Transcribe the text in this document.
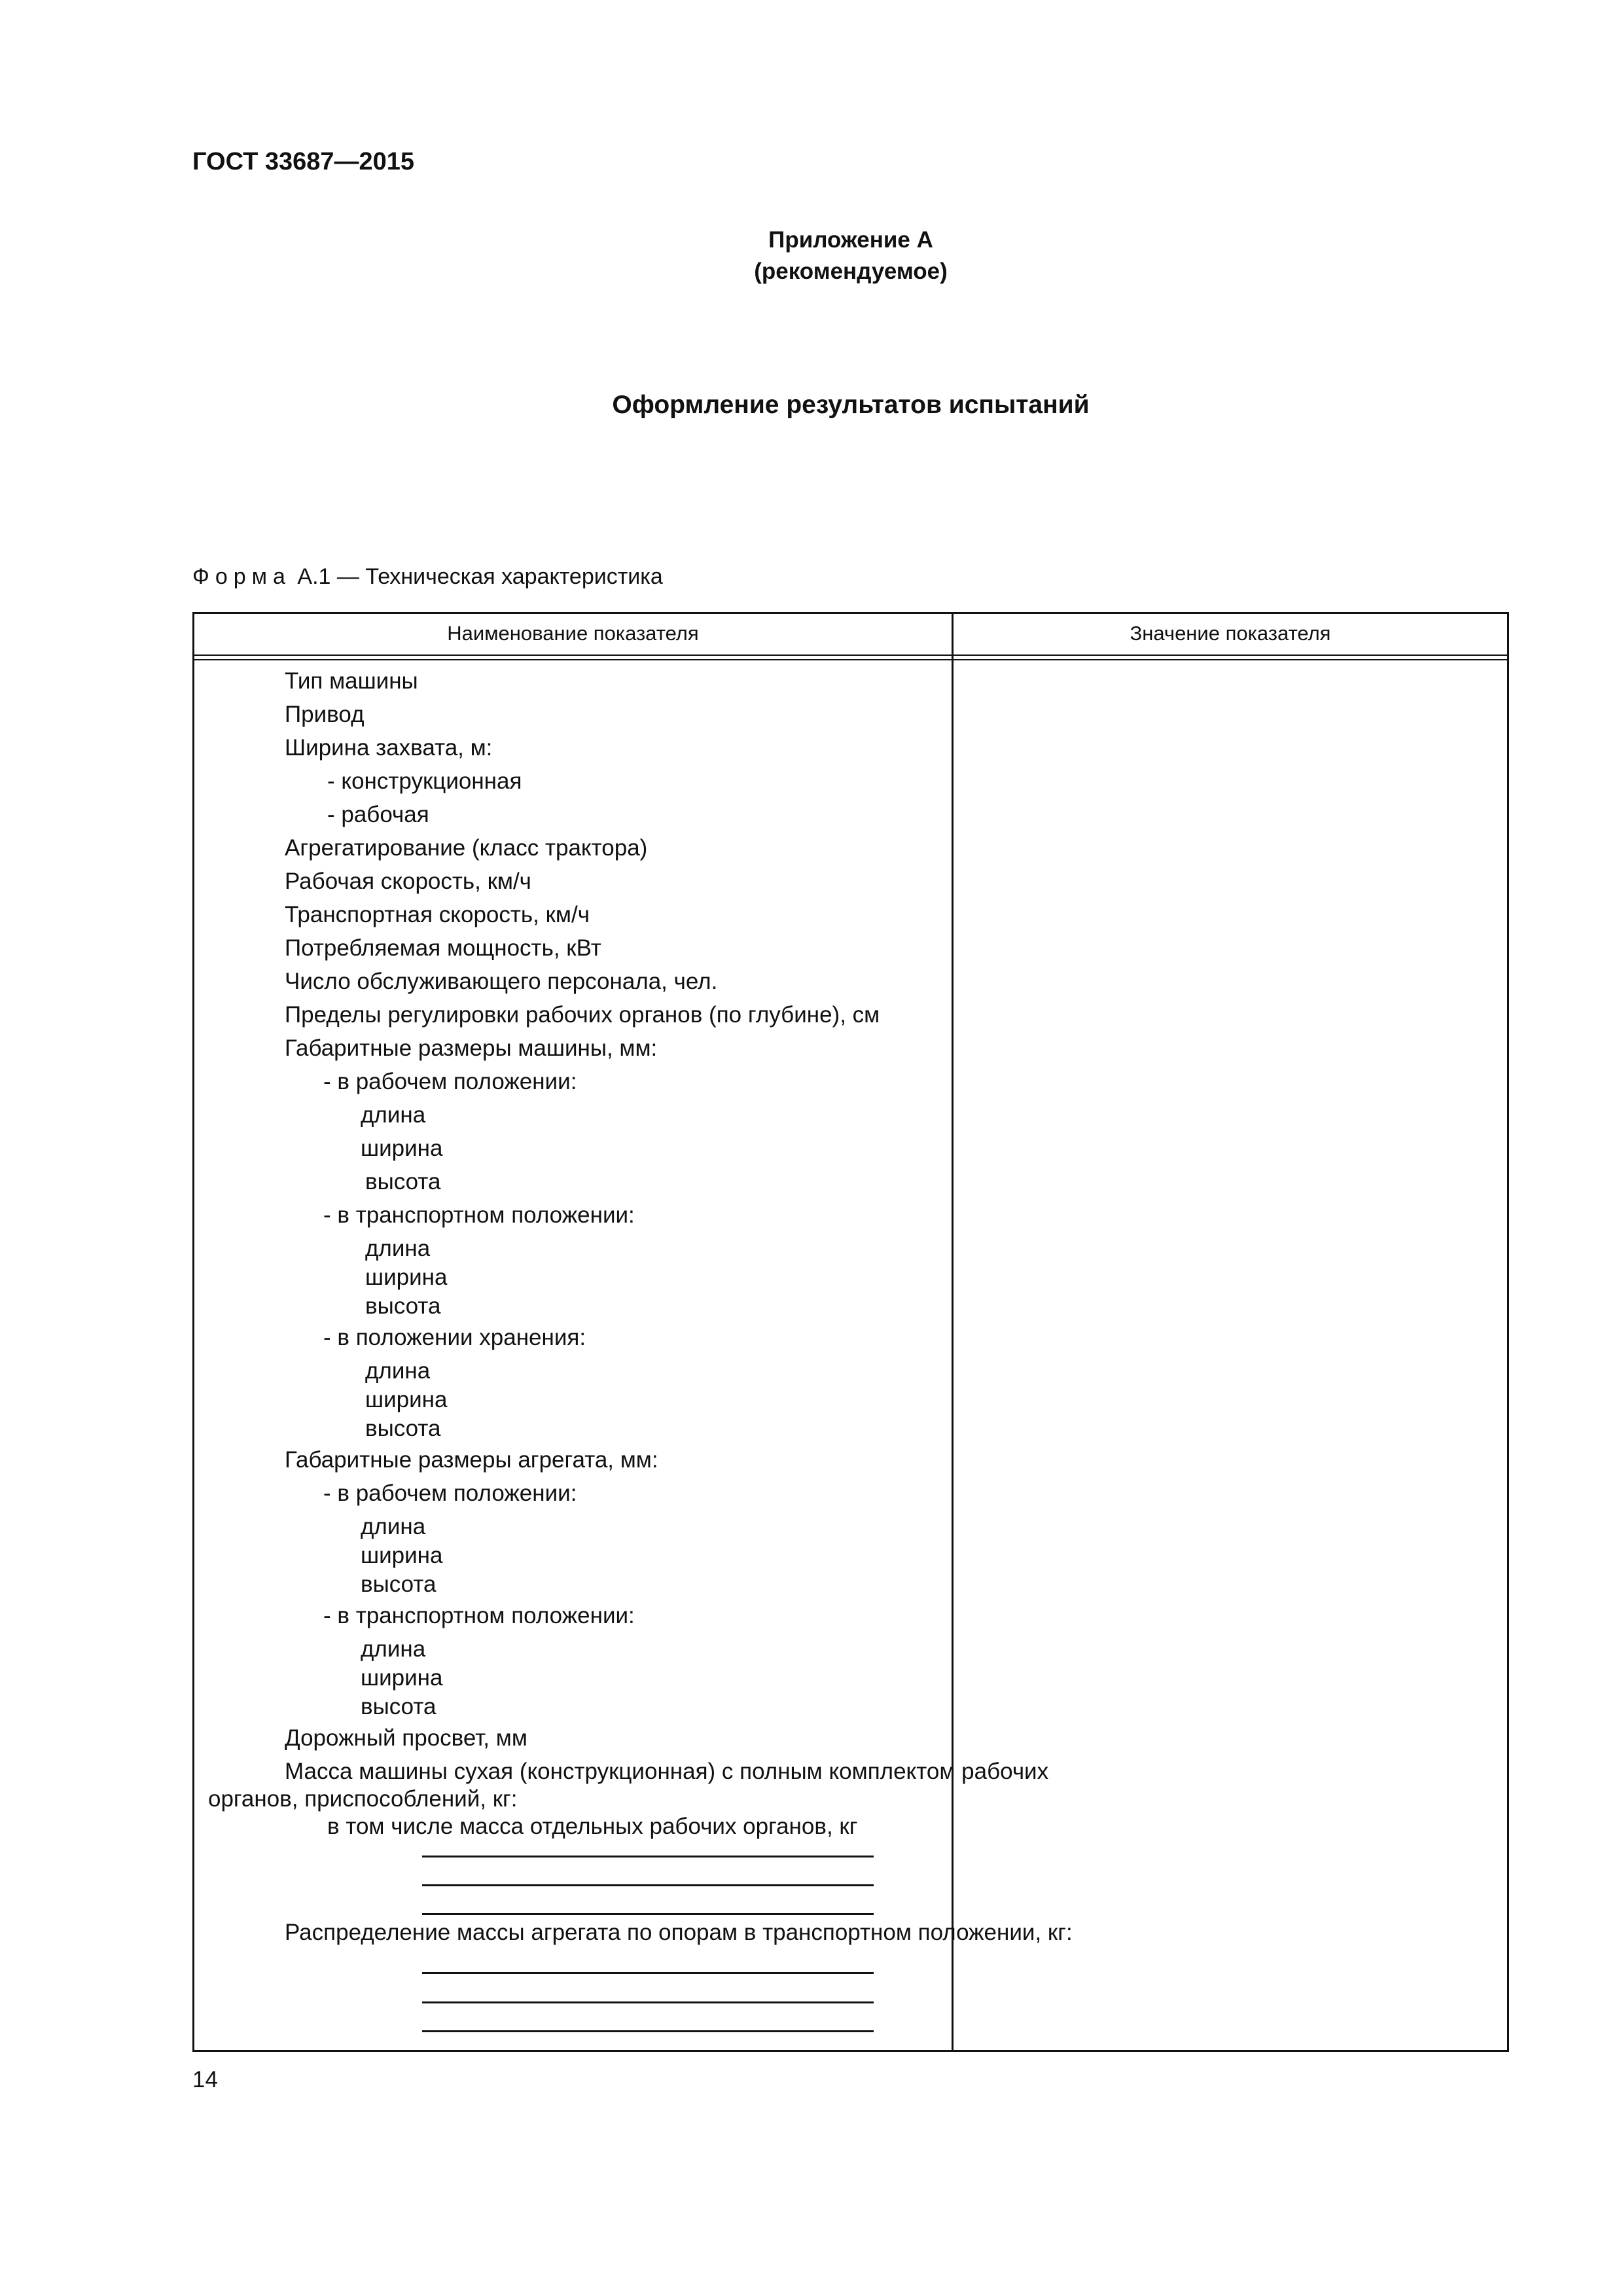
ГОСТ 33687—2015
Приложение А
(рекомендуемое)
Оформление результатов испытаний
Форма А.1 — Техническая характеристика
Наименование показателя	Значение показателя
Тип машины
Привод
Ширина захвата, м:
- конструкционная
- рабочая
Агрегатирование (класс трактора)
Рабочая скорость, км/ч
Транспортная скорость, км/ч
Потребляемая мощность, кВт
Число обслуживающего персонала, чел.
Пределы регулировки рабочих органов (по глубине), см
Габаритные размеры машины, мм:
- в рабочем положении:
длина
ширина
высота
- в транспортном положении:
длина
ширина
высота
- в положении хранения:
длина
ширина
высота
Габаритные размеры агрегата, мм:
- в рабочем положении:
длина
ширина
высота
- в транспортном положении:
длина
ширина
высота
Дорожный просвет, мм
Масса машины сухая (конструкционная) с полным комплектом рабочих
органов, приспособлений, кг:
в том числе масса отдельных рабочих органов, кг
Распределение массы агрегата по опорам в транспортном положении, кг:
14
